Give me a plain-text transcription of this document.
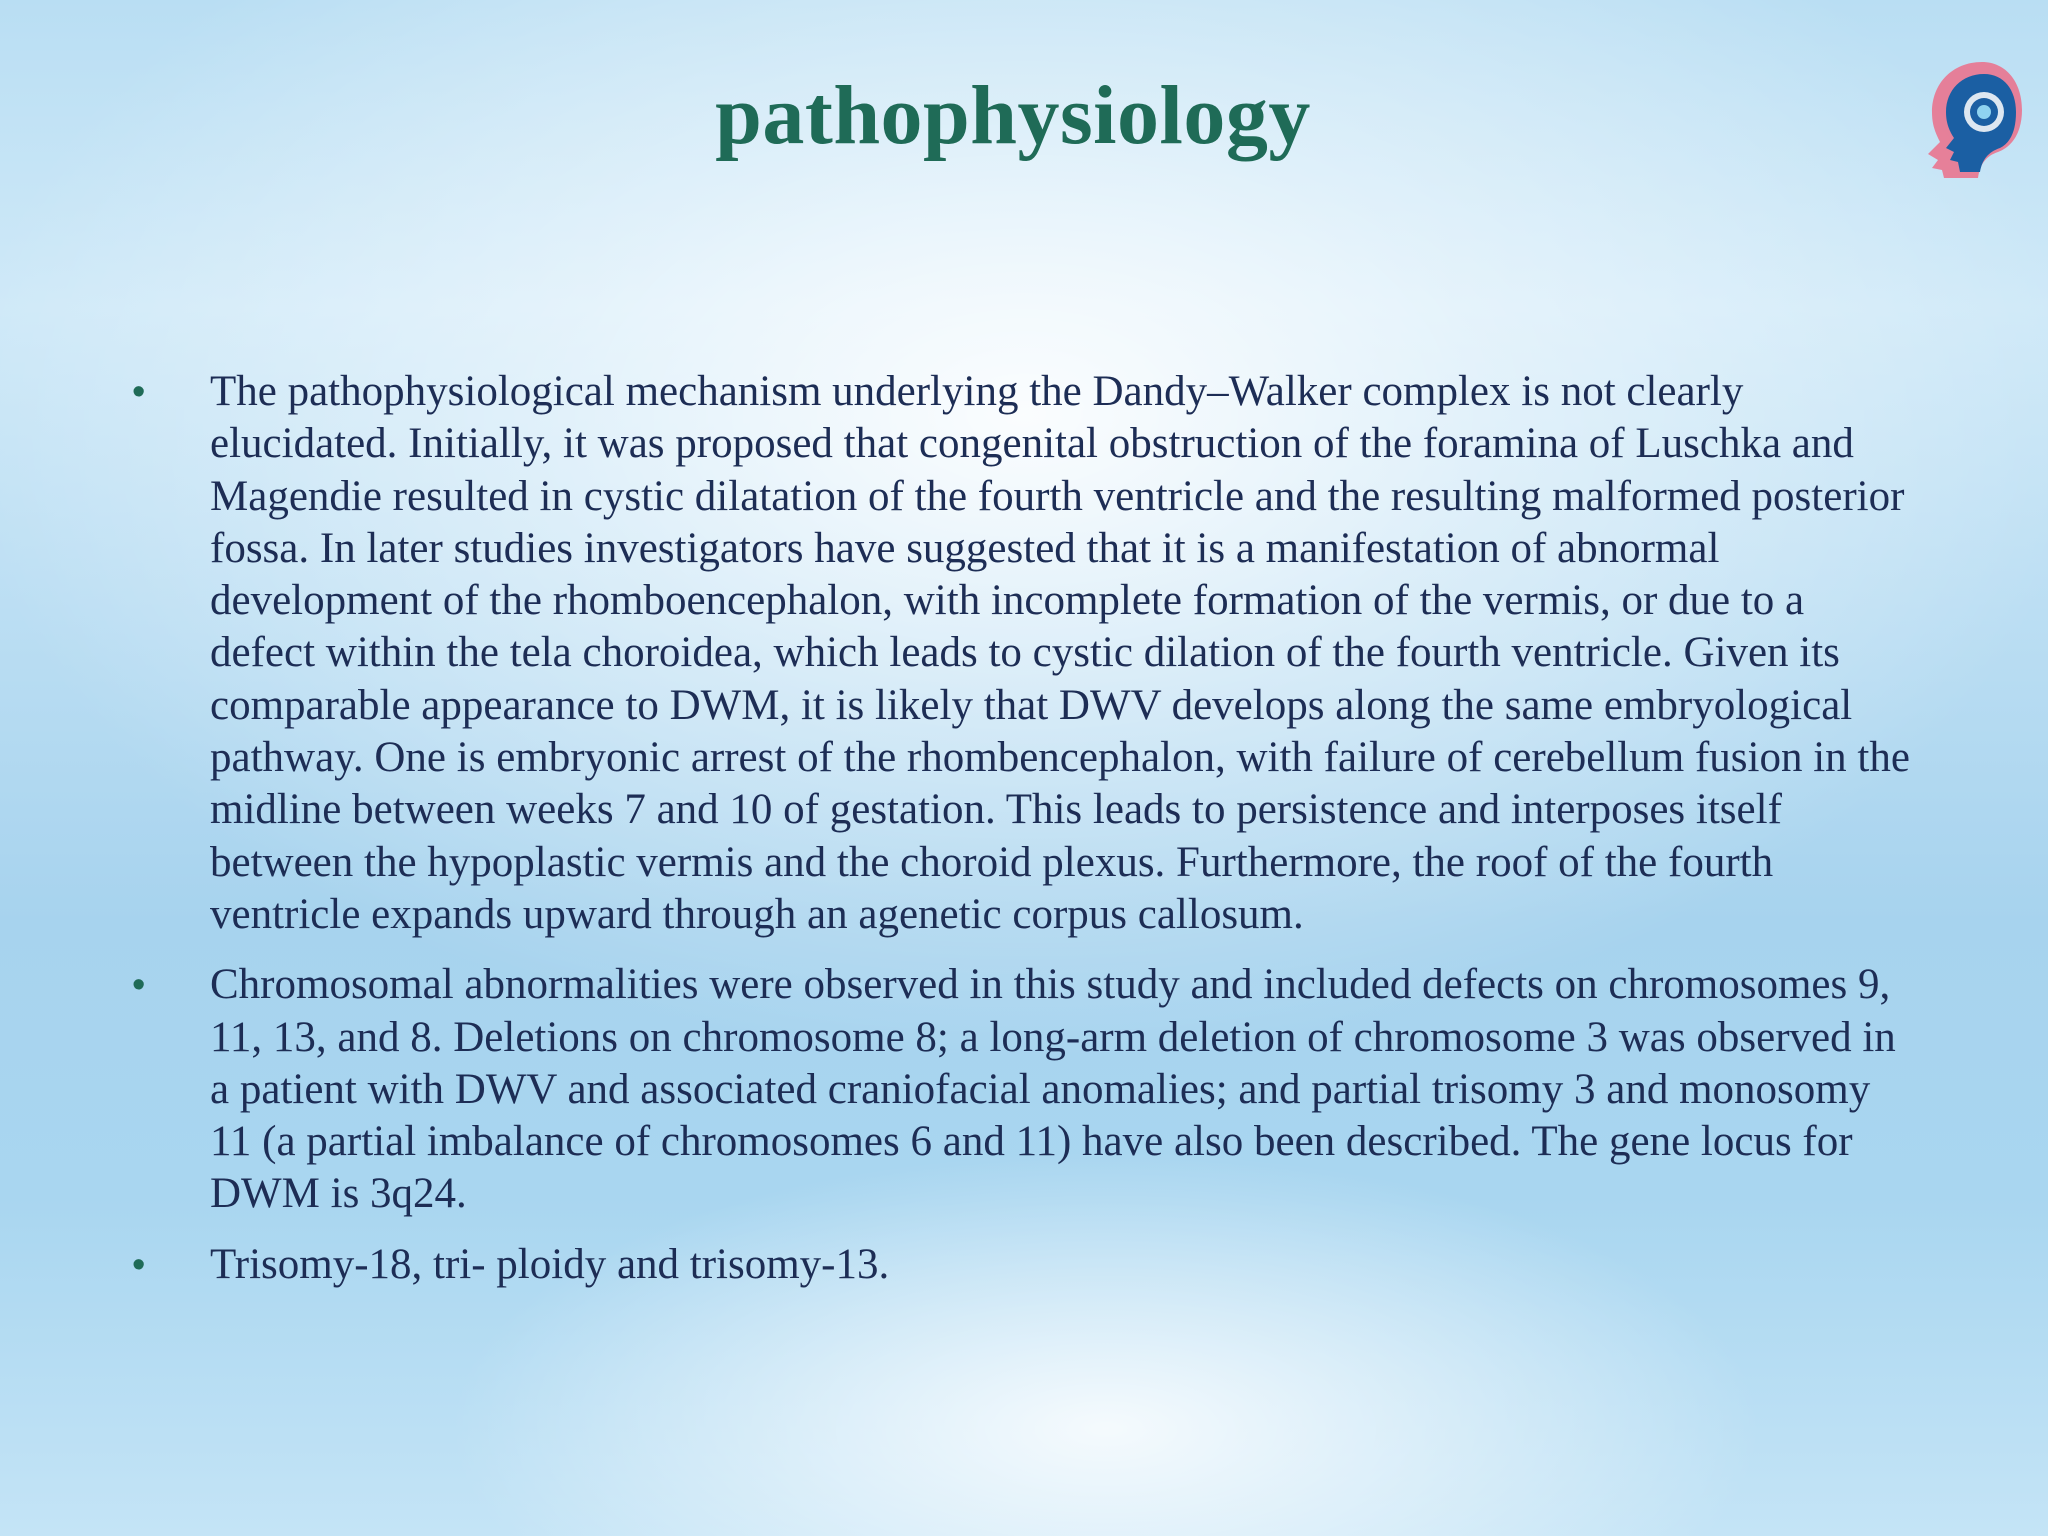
pathophysiology
• The pathophysiological mechanism underlying the Dandy–Walker complex is not clearly elucidated. Initially, it was proposed that congenital obstruction of the foramina of Luschka and Magendie resulted in cystic dilatation of the fourth ventricle and the resulting malformed posterior fossa. In later studies investigators have suggested that it is a manifestation of abnormal development of the rhomboencephalon, with incomplete formation of the vermis, or due to a defect within the tela choroidea, which leads to cystic dilation of the fourth ventricle. Given its comparable appearance to DWM, it is likely that DWV develops along the same embryological pathway. One is embryonic arrest of the rhombencephalon, with failure of cerebellum fusion in the midline between weeks 7 and 10 of gestation. This leads to persistence and interposes itself between the hypoplastic vermis and the choroid plexus. Furthermore, the roof of the fourth ventricle expands upward through an agenetic corpus callosum.
• Chromosomal abnormalities were observed in this study and included defects on chromosomes 9, 11, 13, and 8. Deletions on chromosome 8; a long-arm deletion of chromosome 3 was observed in a patient with DWV and associated craniofacial anomalies; and partial trisomy 3 and monosomy 11 (a partial imbalance of chromosomes 6 and 11) have also been described. The gene locus for DWM is 3q24.
• Trisomy-18, tri- ploidy and trisomy-13.
